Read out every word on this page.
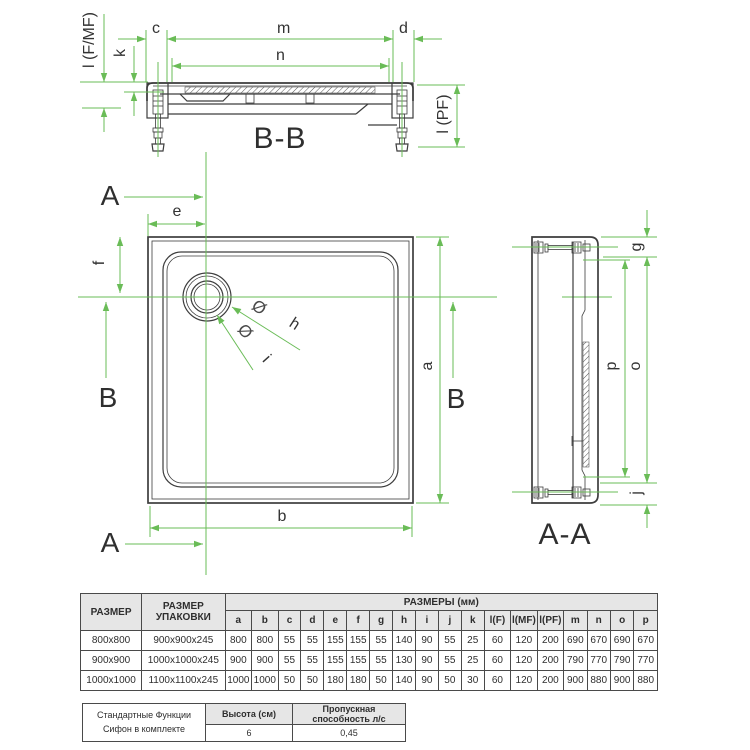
c	m
n
d
k
l (F/MF)
l (PF)
B-B
A
A
B	B
e
f
a
b
Ø
h
Ø
i
g
p o
j
A-A
РАЗМЕР	РАЗМЕР УПАКОВКИ	РАЗМЕРЫ (мм)																	
		a	b	c	d	e	f	g	h	i	j	k	l(F)	l(MF)	l(PF)	m	n	o	p
800x800	900x900x245	800	800	55	55	155	155	55	140	90	55	25	60	120	200	690	670	690	670
900x900	1000x1000x245	900	900	55	55	155	155	55	130	90	55	25	60	120	200	790	770	790	770
1000x1000	1100x1100x245	1000	1000	50	50	180	180	50	140	90	50	30	60	120	200	900	880	900	880
Стандартные Функции
Сифон в комплекте	Высота (см)	Пропускная способность л/с
	6	0,45
